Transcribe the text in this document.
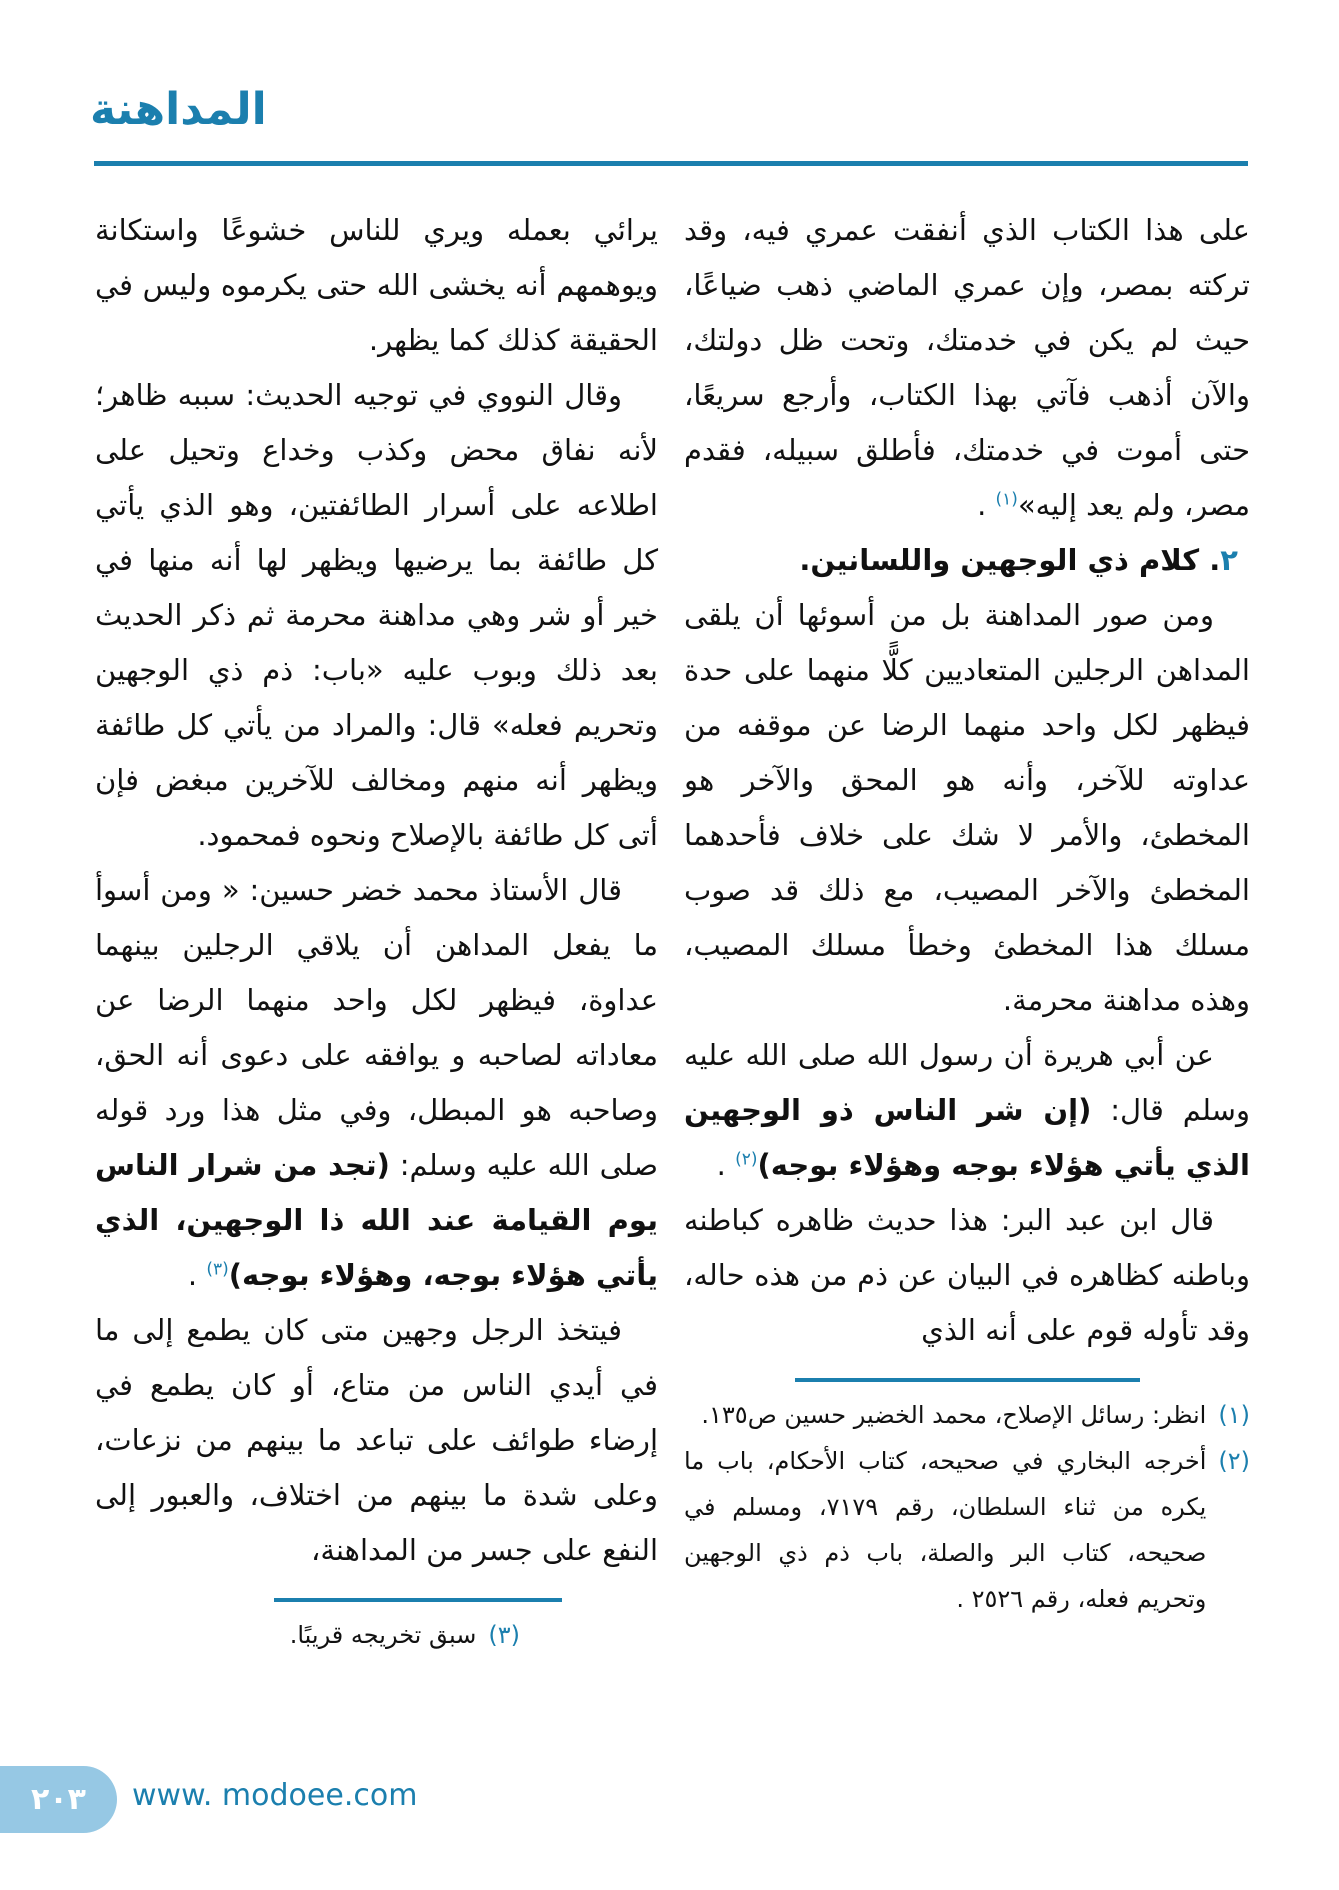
المداهنة

على هذا الكتاب الذي أنفقت عمري فيه، وقد تركته بمصر، وإن عمري الماضي ذهب ضياعًا، حيث لم يكن في خدمتك، وتحت ظل دولتك، والآن أذهب فآتي بهذا الكتاب، وأرجع سريعًا، حتى أموت في خدمتك، فأطلق سبيله، فقدم مصر، ولم يعد إليه»$^{(١)}$ .

٢. كلام ذي الوجهين واللسانين.

ومن صور المداهنة بل من أسوئها أن يلقى المداهن الرجلين المتعاديين كلًّا منهما على حدة فيظهر لكل واحد منهما الرضا عن موقفه من عداوته للآخر، وأنه هو المحق والآخر هو المخطئ، والأمر لا شك على خلاف فأحدهما المخطئ والآخر المصيب، مع ذلك قد صوب مسلك هذا المخطئ وخطأ مسلك المصيب، وهذه مداهنة محرمة.

عن أبي هريرة أن رسول الله صلى الله عليه وسلم قال: (إن شر الناس ذو الوجهين الذي يأتي هؤلاء بوجه وهؤلاء بوجه)$^{(٢)}$ .

قال ابن عبد البر: هذا حديث ظاهره كباطنه وباطنه كظاهره في البيان عن ذم من هذه حاله، وقد تأوله قوم على أنه الذي

(١)
انظر: رسائل الإصلاح، محمد الخضير حسين ص١٣٥.
(٢)
أخرجه البخاري في صحيحه، كتاب الأحكام، باب ما يكره من ثناء السلطان، رقم ٧١٧٩، ومسلم في صحيحه، كتاب البر والصلة، باب ذم ذي الوجهين وتحريم فعله، رقم ٢٥٢٦ .

يرائي بعمله ويري للناس خشوعًا واستكانة ويوهمهم أنه يخشى الله حتى يكرموه وليس في الحقيقة كذلك كما يظهر.

وقال النووي في توجيه الحديث: سببه ظاهر؛ لأنه نفاق محض وكذب وخداع وتحيل على اطلاعه على أسرار الطائفتين، وهو الذي يأتي كل طائفة بما يرضيها ويظهر لها أنه منها في خير أو شر وهي مداهنة محرمة ثم ذكر الحديث بعد ذلك وبوب عليه «باب: ذم ذي الوجهين وتحريم فعله» قال: والمراد من يأتي كل طائفة ويظهر أنه منهم ومخالف للآخرين مبغض فإن أتى كل طائفة بالإصلاح ونحوه فمحمود.

قال الأستاذ محمد خضر حسين: « ومن أسوأ ما يفعل المداهن أن يلاقي الرجلين بينهما عداوة، فيظهر لكل واحد منهما الرضا عن معاداته لصاحبه و يوافقه على دعوى أنه الحق، وصاحبه هو المبطل، وفي مثل هذا ورد قوله صلى الله عليه وسلم: (تجد من شرار الناس يوم القيامة عند الله ذا الوجهين، الذي يأتي هؤلاء بوجه، وهؤلاء بوجه)$^{(٣)}$ .

فيتخذ الرجل وجهين متى كان يطمع إلى ما في أيدي الناس من متاع، أو كان يطمع في إرضاء طوائف على تباعد ما بينهم من نزعات، وعلى شدة ما بينهم من اختلاف، والعبور إلى النفع على جسر من المداهنة،

(٣)
سبق تخريجه قريبًا.
٢٠٣ www. modoee.com
